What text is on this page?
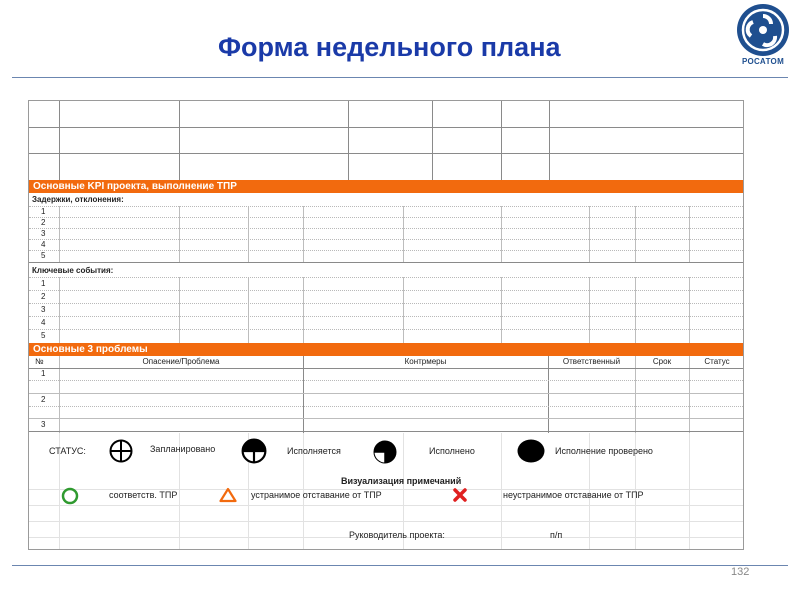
Форма недельного плана	РОСАТОМ
Основные KPI проекта, выполнение ТПР
Задержки, отклонения:
1
2
3
4
5
Ключевые события:
1
2
3
4
5
Основные 3 проблемы
№	Опасение/Проблема	Контрмеры	Ответственный	Срок	Статус
1
2
3
СТАТУС:	Запланировано	Исполняется	Исполнено	Исполнение проверено
Визуализация примечаний
соответств. ТПР	устранимое отставание от ТПР	неустранимое отставание от ТПР
Руководитель проекта:	п/п
132
